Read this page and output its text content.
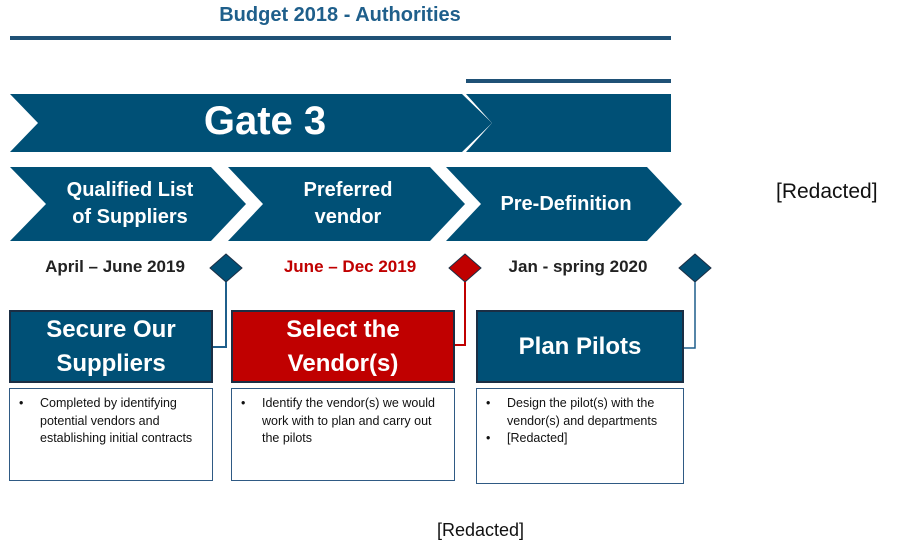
Budget 2018 - Authorities
Gate 3
Qualified List
of Suppliers
Preferred
vendor
Pre-Definition
April – June 2019	June – Dec 2019	Jan - spring 2020
Secure Our
Suppliers
Select the
Vendor(s)
Plan Pilots
• Completed by identifying potential vendors and establishing initial contracts
• Identify the vendor(s) we would work with to plan and carry out the pilots
• Design the pilot(s) with the vendor(s) and departments
• [Redacted]
[Redacted]
[Redacted]
